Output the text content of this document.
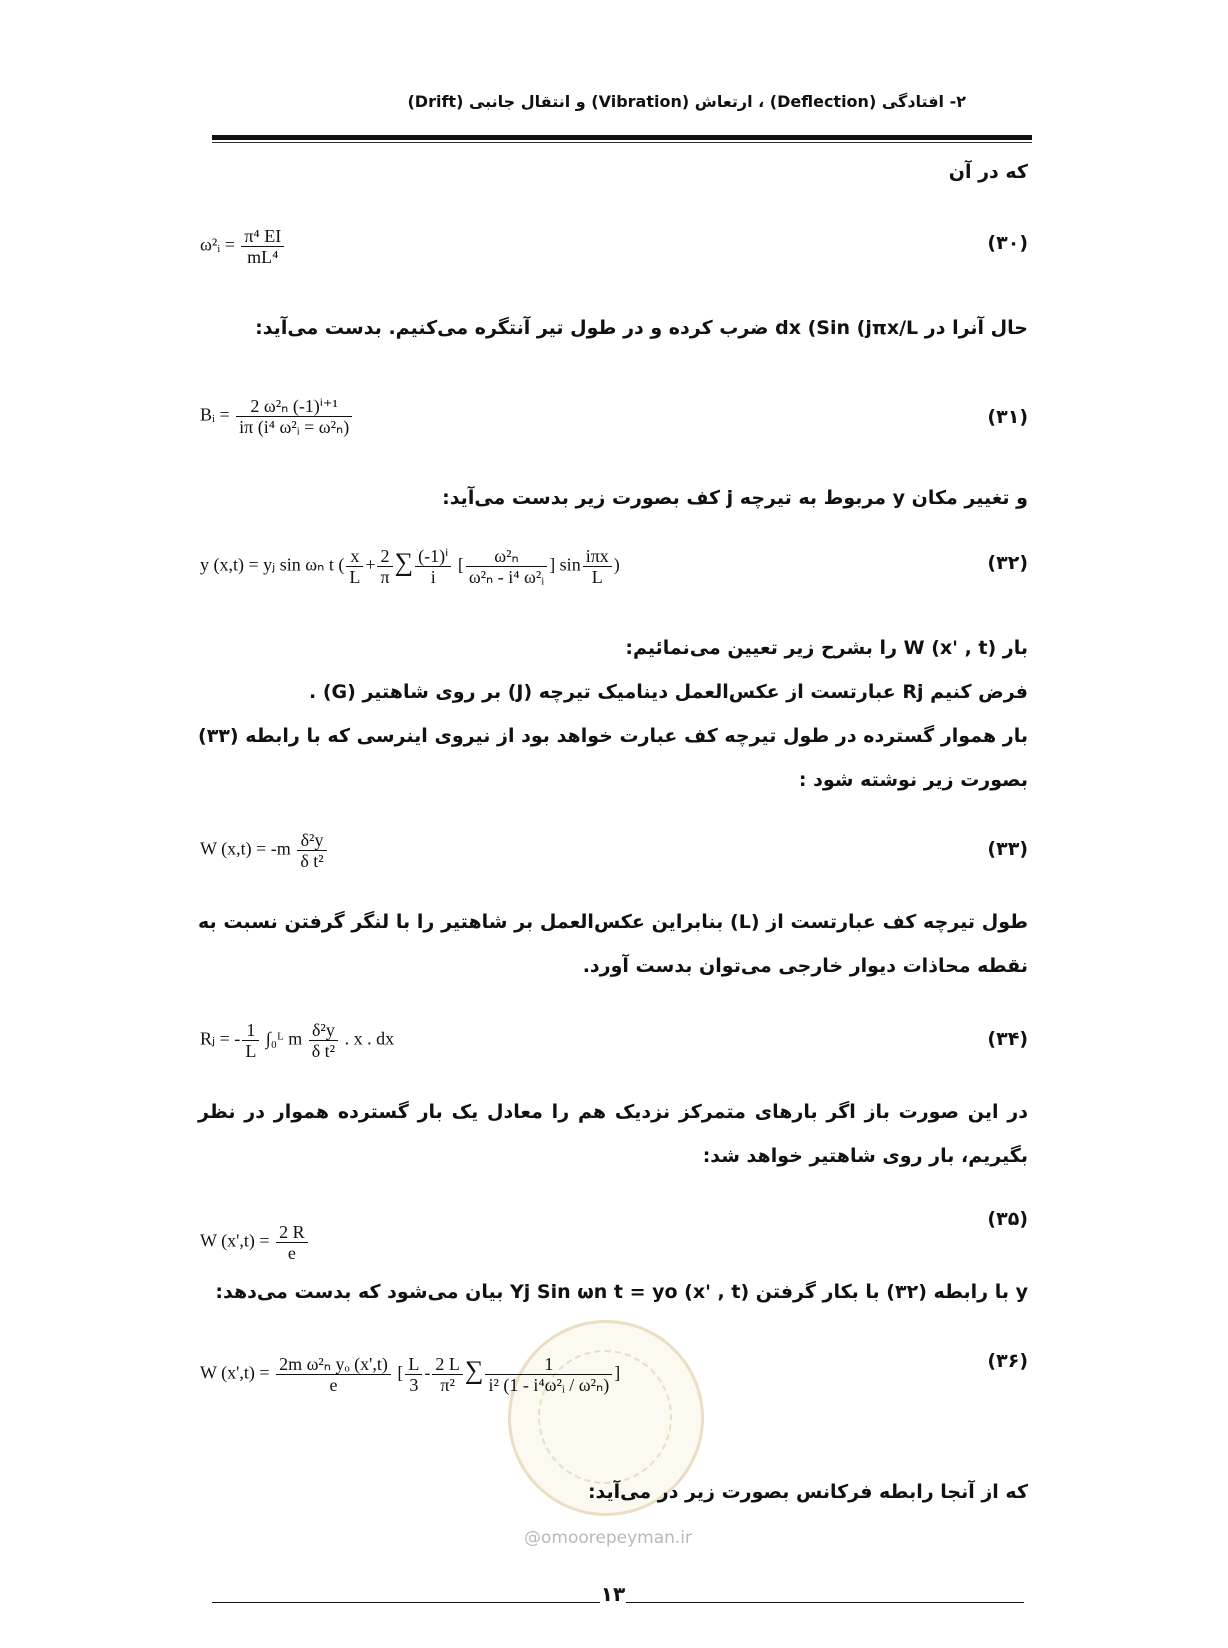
۲- افتادگی (Deflection) ، ارتعاش (Vibration) و انتقال جانبی (Drift)
که در آن
(۳۰)
ω²ᵢ = $\frac{\text{π⁴ EI}}{\text{mL⁴}}$
حال آنرا در dx (Sin (jπx/L ضرب کرده و در طول تیر آنتگره می‌کنیم. بدست می‌آید:
(۳۱)
Bᵢ = $\frac{\text{2 ω²ₙ (-1)ⁱ⁺¹}}{\text{iπ (i⁴ ω²ᵢ = ω²ₙ)}}$
و تغییر مکان y مربوط به تیرچه j کف بصورت زیر بدست می‌آید:
(۳۲)
y (x,t) = yⱼ sin ωₙ t ( $\frac{x}{L} + \frac{2}{\pi}$ ∑ $\frac{\text{(-1)ⁱ}}{i}$ [ $\frac{\text{ω²ₙ}}{\text{ω²ₙ - i⁴ ω²ᵢ}}$ ] $\sin \frac{\text{iπx}}{L}$ )
بار W (x' , t) را بشرح زیر تعیین می‌نمائیم:
فرض کنیم Rj عبارتست از عکس‌العمل دینامیک تیرچه (J) بر روی شاهتیر (G) .
بار هموار گسترده در طول تیرچه کف عبارت خواهد بود از نیروی اینرسی که با رابطه (۳۳) بصورت زیر نوشته شود :
(۳۳)
W $(x,t) = -m \frac{\text{δ²y}}{\text{δ t²}}$
طول تیرچه کف عبارتست از (L) بنابراین عکس‌العمل بر شاهتیر را با لنگر گرفتن نسبت به نقطه محاذات دیوار خارجی می‌توان بدست آورد.
(۳۴)
Rⱼ = - $\frac{1}{L}$ ∫₀ᴸ m $\frac{\text{δ²y}}{\text{δ t²}}$ . x . dx
در این صورت باز اگر بارهای متمرکز نزدیک هم را معادل یک بار گسترده هموار در نظر بگیریم، بار روی شاهتیر خواهد شد:
(۳۵)
W $(x',t) = \frac{2 R}{e}$
y با رابطه (۳۲) با بکار گرفتن Yj Sin ωn t = yo (x' , t) بیان می‌شود که بدست می‌دهد:
(۳۶)
W $(x',t) = \frac{\text{2m ω²ₙ yₒ (x',t)}}{e}$ [ $\frac{L}{3} - \frac{2 L}{\text{π²}}$ ∑ $\frac{1}{\text{i² (1 - i⁴ω²ᵢ / ω²ₙ)}}$ ]
که از آنجا رابطه فرکانس بصورت زیر در می‌آید:
@omoorepeyman.ir
۱۳
